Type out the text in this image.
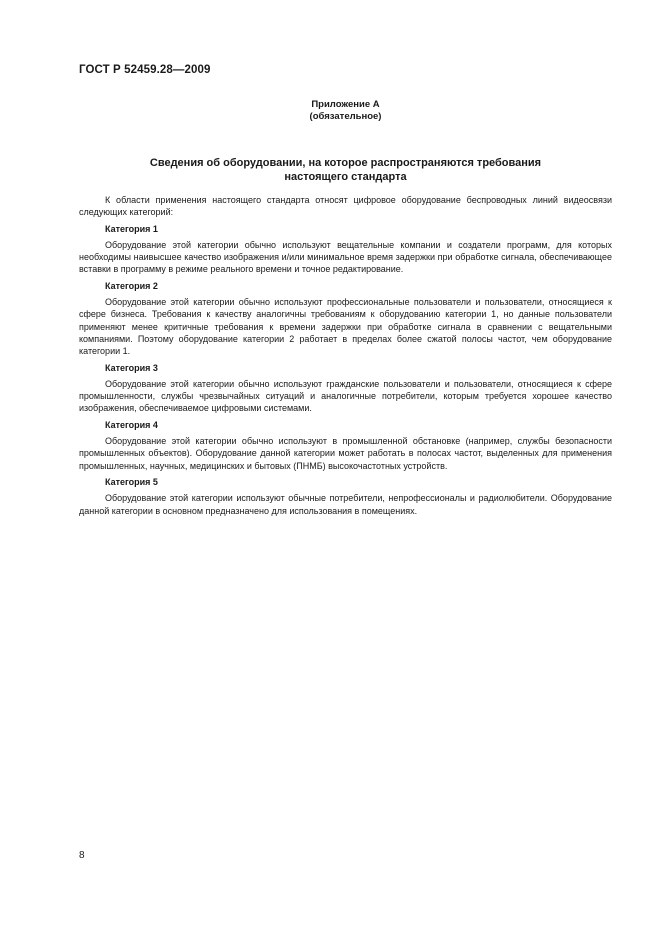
ГОСТ Р 52459.28—2009
Приложение А
(обязательное)
Сведения об оборудовании, на которое распространяются требования
настоящего стандарта

К области применения настоящего стандарта относят цифровое оборудование беспроводных линий видеосвязи следующих категорий:

Категория 1

Оборудование этой категории обычно используют вещательные компании и создатели программ, для которых необходимы наивысшее качество изображения и/или минимальное время задержки при обработке сигнала, обеспечивающее вставки в программу в режиме реального времени и точное редактирование.

Категория 2

Оборудование этой категории обычно используют профессиональные пользователи и пользователи, относящиеся к сфере бизнеса. Требования к качеству аналогичны требованиям к оборудованию категории 1, но данные пользователи применяют менее критичные требования к времени задержки при обработке сигнала в сравнении с вещательными компаниями. Поэтому оборудование категории 2 работает в пределах более сжатой полосы частот, чем оборудование категории 1.

Категория 3

Оборудование этой категории обычно используют гражданские пользователи и пользователи, относящиеся к сфере промышленности, службы чрезвычайных ситуаций и аналогичные потребители, которым требуется хорошее качество изображения, обеспечиваемое цифровыми системами.

Категория 4

Оборудование этой категории обычно используют в промышленной обстановке (например, службы безопасности промышленных объектов). Оборудование данной категории может работать в полосах частот, выделенных для применения промышленных, научных, медицинских и бытовых (ПНМБ) высокочастотных устройств.

Категория 5

Оборудование этой категории используют обычные потребители, непрофессионалы и радиолюбители. Оборудование данной категории в основном предназначено для использования в помещениях.

8
